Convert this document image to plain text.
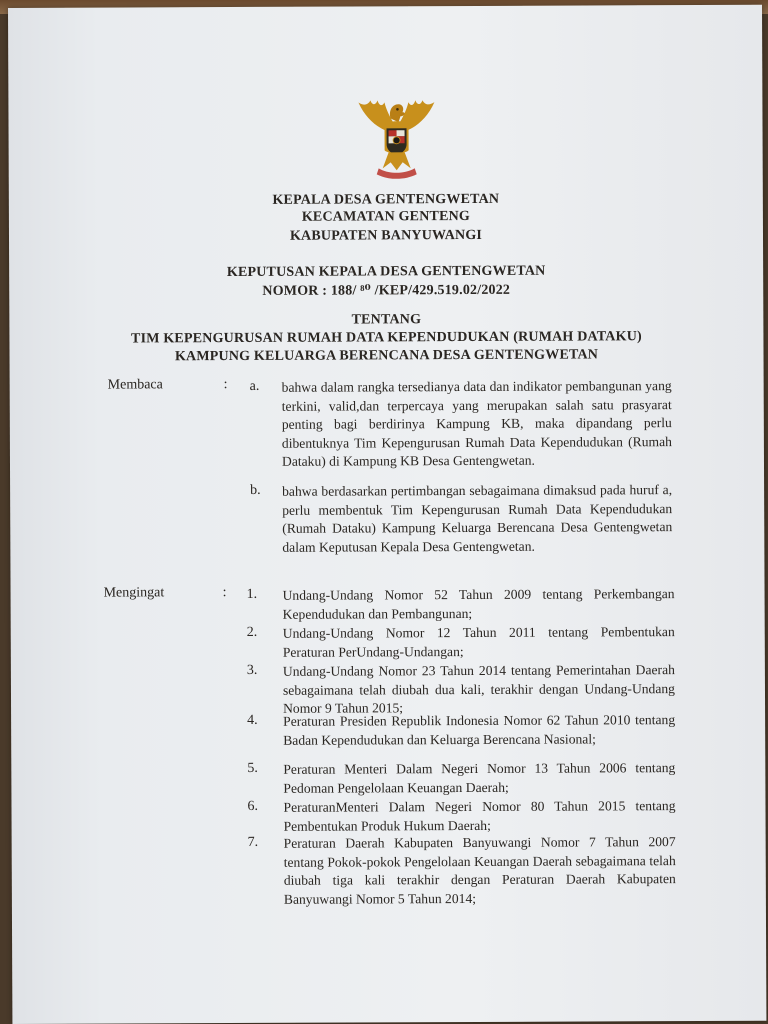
KEPALA DESA GENTENGWETAN
KECAMATAN GENTENG
KABUPATEN BANYUWANGI
KEPUTUSAN KEPALA DESA GENTENGWETAN
NOMOR : 188/ ⁸⁰ /KEP/429.519.02/2022
TENTANG
TIM KEPENGURUSAN RUMAH DATA KEPENDUDUKAN (RUMAH DATAKU)
KAMPUNG KELUARGA BERENCANA DESA GENTENGWETAN
Membaca	: a. bahwa dalam rangka tersedianya data dan indikator pembangunan yang terkini, valid,dan terpercaya yang merupakan salah satu prasyarat penting bagi berdirinya Kampung KB, maka dipandang perlu dibentuknya Tim Kepengurusan Rumah Data Kependudukan (Rumah Dataku) di Kampung KB Desa Gentengwetan.
b. bahwa berdasarkan pertimbangan sebagaimana dimaksud pada huruf a, perlu membentuk Tim Kepengurusan Rumah Data Kependudukan (Rumah Dataku) Kampung Keluarga Berencana Desa Gentengwetan dalam Keputusan Kepala Desa Gentengwetan.
Mengingat	: 1. Undang-Undang Nomor 52 Tahun 2009 tentang Perkembangan Kependudukan dan Pembangunan;
2. Undang-Undang Nomor 12 Tahun 2011 tentang Pembentukan Peraturan PerUndang-Undangan;
3. Undang-Undang Nomor 23 Tahun 2014 tentang Pemerintahan Daerah sebagaimana telah diubah dua kali, terakhir dengan Undang-Undang Nomor 9 Tahun 2015;
4. Peraturan Presiden Republik Indonesia Nomor 62 Tahun 2010 tentang Badan Kependudukan dan Keluarga Berencana Nasional;
5. Peraturan Menteri Dalam Negeri Nomor 13 Tahun 2006 tentang Pedoman Pengelolaan Keuangan Daerah;
6. PeraturanMenteri Dalam Negeri Nomor 80 Tahun 2015 tentang Pembentukan Produk Hukum Daerah;
7. Peraturan Daerah Kabupaten Banyuwangi Nomor 7 Tahun 2007 tentang Pokok-pokok Pengelolaan Keuangan Daerah sebagaimana telah diubah tiga kali terakhir dengan Peraturan Daerah Kabupaten Banyuwangi Nomor 5 Tahun 2014;
